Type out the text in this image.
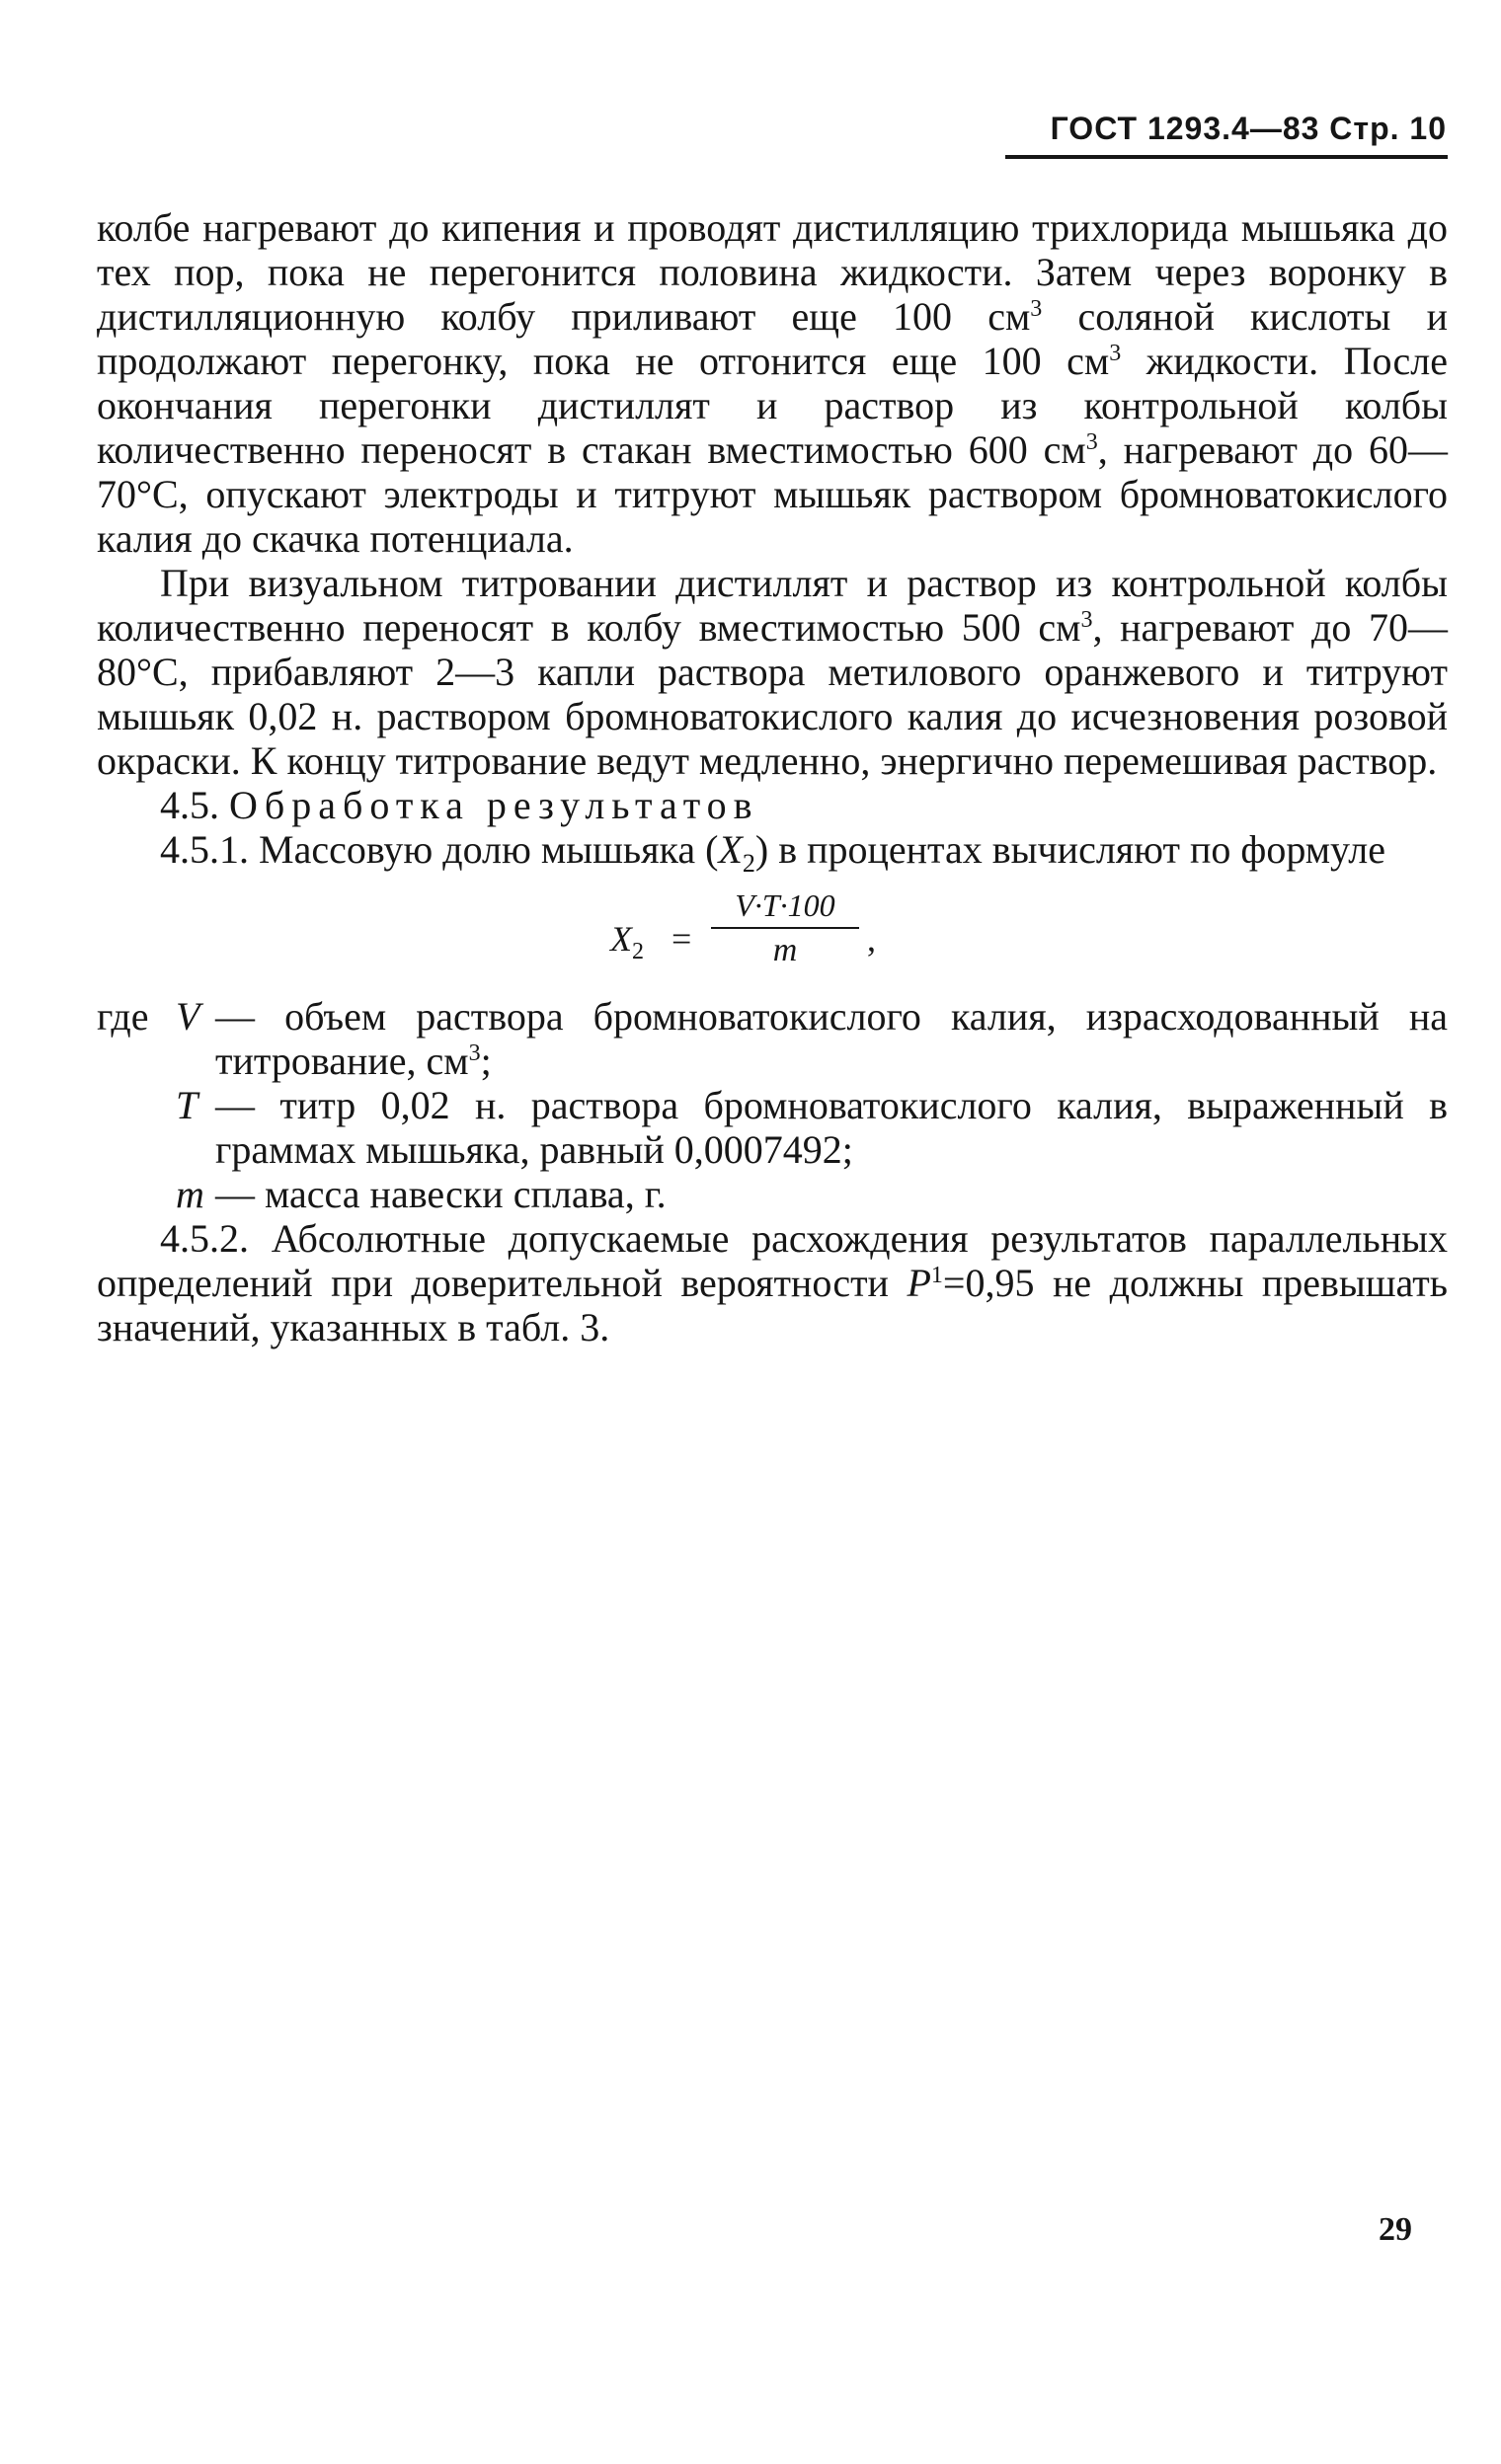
ГОСТ 1293.4—83 Стр. 10

колбе нагревают до кипения и проводят дистилляцию трихлорида мышьяка до тех пор, пока не перегонится половина жидкости. Затем через воронку в дистилляционную колбу приливают еще 100 $см^3$ соляной кислоты и продолжают перегонку, пока не отгонится еще 100 $см^3$ жидкости. После окончания перегонки дистиллят и раствор из контрольной колбы количественно переносят в стакан вместимостью 600 $см^3$, нагревают до 60—70°С, опускают электроды и титруют мышьяк раствором бромноватокислого калия до скачка потенциала.

При визуальном титровании дистиллят и раствор из контрольной колбы количественно переносят в колбу вместимостью 500 $см^3$, нагревают до 70—80°С, прибавляют 2—3 капли раствора метилового оранжевого и титруют мышьяк 0,02 н. раствором бромноватокислого калия до исчезновения розовой окраски. К концу титрование ведут медленно, энергично перемешивая раствор.

4.5. Обработка результатов

4.5.1. Массовую долю мышьяка $(X_2)$ в процентах вычисляют по формуле

$X_2 = \frac{V\cdot T\cdot 100}{m}$ ,
где V — объем раствора бромноватокислого калия, израсходованный на титрование, $см^3$;
T — титр 0,02 н. раствора бромноватокислого калия, выраженный в граммах мышьяка, равный 0,0007492;
m — масса навески сплава, г.

4.5.2. Абсолютные допускаемые расхождения результатов параллельных определений при доверительной вероятности $P^1=0,95$ не должны превышать значений, указанных в табл. 3.

29
